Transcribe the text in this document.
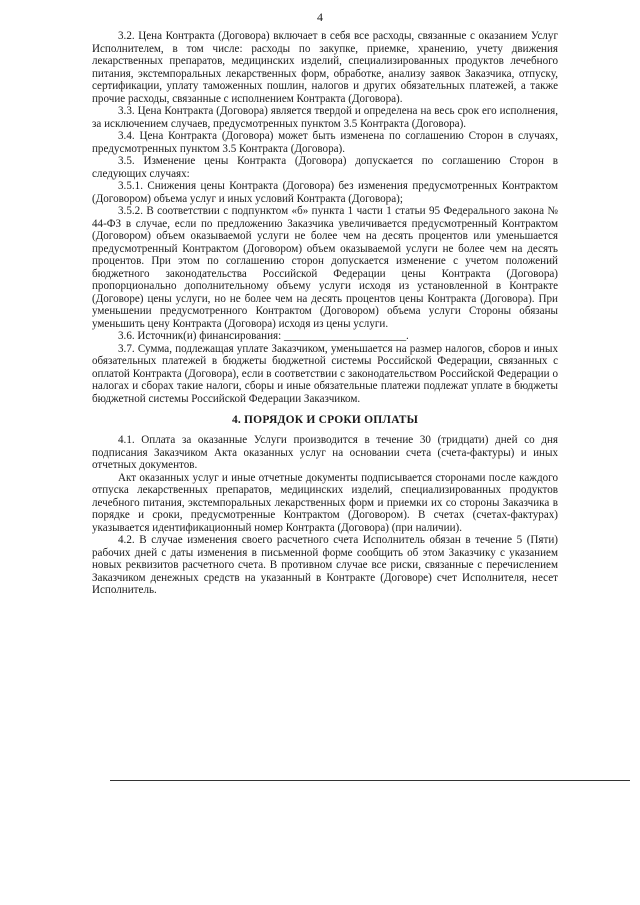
4

3.2. Цена Контракта (Договора) включает в себя все расходы, связанные с оказанием Услуг Исполнителем, в том числе: расходы по закупке, приемке, хранению, учету движения лекарственных препаратов, медицинских изделий, специализированных продуктов лечебного питания, экстемпоральных лекарственных форм, обработке, анализу заявок Заказчика, отпуску, сертификации, уплату таможенных пошлин, налогов и других обязательных платежей, а также прочие расходы, связанные с исполнением Контракта (Договора).

3.3. Цена Контракта (Договора) является твердой и определена на весь срок его исполнения, за исключением случаев, предусмотренных пунктом 3.5 Контракта (Договора).

3.4. Цена Контракта (Договора) может быть изменена по соглашению Сторон в случаях, предусмотренных пунктом 3.5 Контракта (Договора).

3.5. Изменение цены Контракта (Договора) допускается по соглашению Сторон в следующих случаях:

3.5.1. Снижения цены Контракта (Договора) без изменения предусмотренных Контрактом (Договором) объема услуг и иных условий Контракта (Договора);

3.5.2. В соответствии с подпунктом «б» пункта 1 части 1 статьи 95 Федерального закона № 44-ФЗ в случае, если по предложению Заказчика увеличивается предусмотренный Контрактом (Договором) объем оказываемой услуги не более чем на десять процентов или уменьшается предусмотренный Контрактом (Договором) объем оказываемой услуги не более чем на десять процентов. При этом по соглашению сторон допускается изменение с учетом положений бюджетного законодательства Российской Федерации цены Контракта (Договора) пропорционально дополнительному объему услуги исходя из установленной в Контракте (Договоре) цены услуги, но не более чем на десять процентов цены Контракта (Договора). При уменьшении предусмотренного Контрактом (Договором) объема услуги Стороны обязаны уменьшить цену Контракта (Договора) исходя из цены услуги.

3.6. Источник(и) финансирования: ______________________.

3.7. Сумма, подлежащая уплате Заказчиком, уменьшается на размер налогов, сборов и иных обязательных платежей в бюджеты бюджетной системы Российской Федерации, связанных с оплатой Контракта (Договора), если в соответствии с законодательством Российской Федерации о налогах и сборах такие налоги, сборы и иные обязательные платежи подлежат уплате в бюджеты бюджетной системы Российской Федерации Заказчиком.

4. ПОРЯДОК И СРОКИ ОПЛАТЫ

4.1. Оплата за оказанные Услуги производится в течение 30 (тридцати) дней со дня подписания Заказчиком Акта оказанных услуг на основании счета (счета-фактуры) и иных отчетных документов.

Акт оказанных услуг и иные отчетные документы подписывается сторонами после каждого отпуска лекарственных препаратов, медицинских изделий, специализированных продуктов лечебного питания, экстемпоральных лекарственных форм и приемки их со стороны Заказчика в порядке и сроки, предусмотренные Контрактом (Договором). В счетах (счетах-фактурах) указывается идентификационный номер Контракта (Договора) (при наличии).

4.2. В случае изменения своего расчетного счета Исполнитель обязан в течение 5 (Пяти) рабочих дней с даты изменения в письменной форме сообщить об этом Заказчику с указанием новых реквизитов расчетного счета. В противном случае все риски, связанные с перечислением Заказчиком денежных средств на указанный в Контракте (Договоре) счет Исполнителя, несет Исполнитель.
